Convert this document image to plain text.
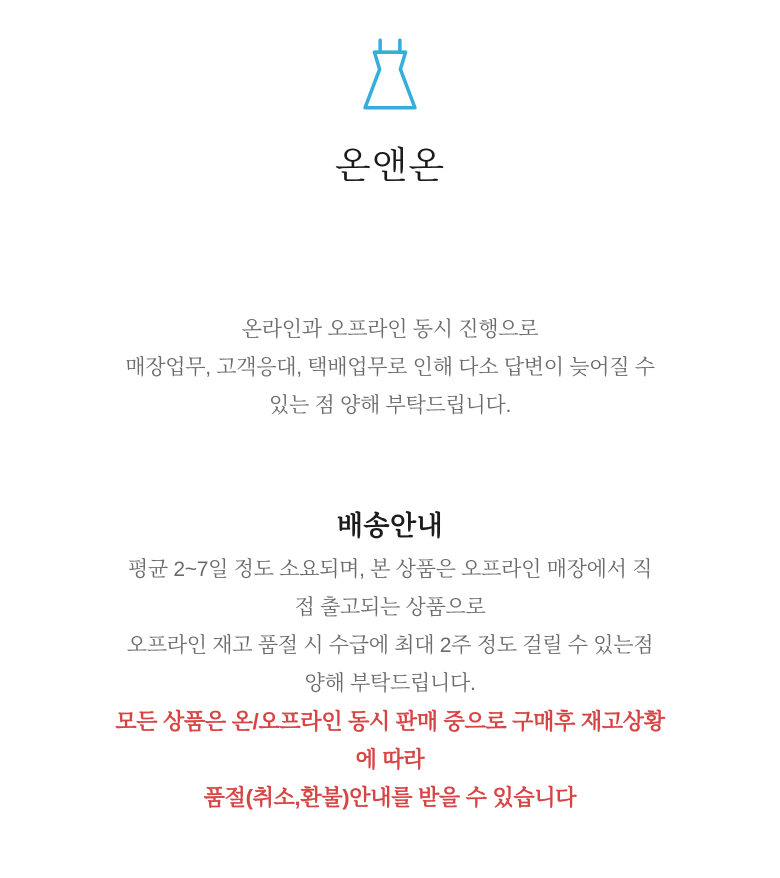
온앤온

온라인과 오프라인 동시 진행으로

매장업무, 고객응대, 택배업무로 인해 다소 답변이 늦어질 수

있는 점 양해 부탁드립니다.

배송안내

평균 2~7일 정도 소요되며, 본 상품은 오프라인 매장에서 직

접 출고되는 상품으로

오프라인 재고 품절 시 수급에 최대 2주 정도 걸릴 수 있는점

양해 부탁드립니다.

모든 상품은 온/오프라인 동시 판매 중으로 구매후 재고상황

에 따라

품절(취소,환불)안내를 받을 수 있습니다
